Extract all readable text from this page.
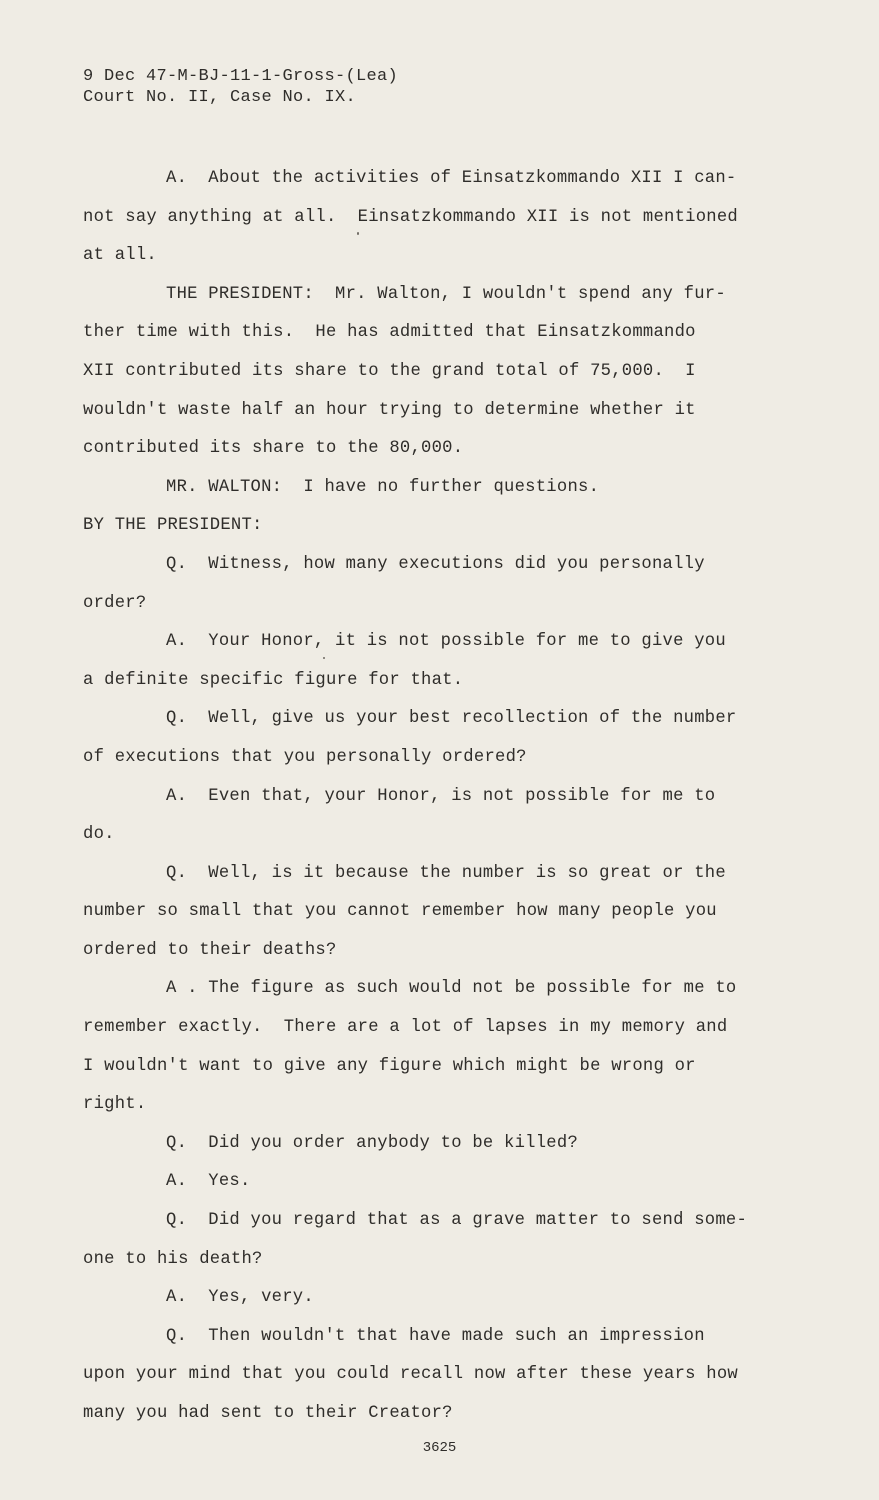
9 Dec 47-M-BJ-11-1-Gross-(Lea)
Court No. II, Case No. IX.
A.  About the activities of Einsatzkommando XII I can-
not say anything at all.  Einsatzkommando XII is not mentioned
at all.
THE PRESIDENT:  Mr. Walton, I wouldn't spend any fur-
ther time with this.  He has admitted that Einsatzkommando
XII contributed its share to the grand total of 75,000.  I
wouldn't waste half an hour trying to determine whether it
contributed its share to the 80,000.
MR. WALTON:  I have no further questions.
BY THE PRESIDENT:
Q.  Witness, how many executions did you personally
order?
A.  Your Honor, it is not possible for me to give you
a definite specific figure for that.
Q.  Well, give us your best recollection of the number
of executions that you personally ordered?
A.  Even that, your Honor, is not possible for me to
do.
Q.  Well, is it because the number is so great or the
number so small that you cannot remember how many people you
ordered to their deaths?
A . The figure as such would not be possible for me to
remember exactly.  There are a lot of lapses in my memory and
I wouldn't want to give any figure which might be wrong or
right.
Q.  Did you order anybody to be killed?
A.  Yes.
Q.  Did you regard that as a grave matter to send some-
one to his death?
A.  Yes, very.
Q.  Then wouldn't that have made such an impression
upon your mind that you could recall now after these years how
many you had sent to their Creator?
3625
